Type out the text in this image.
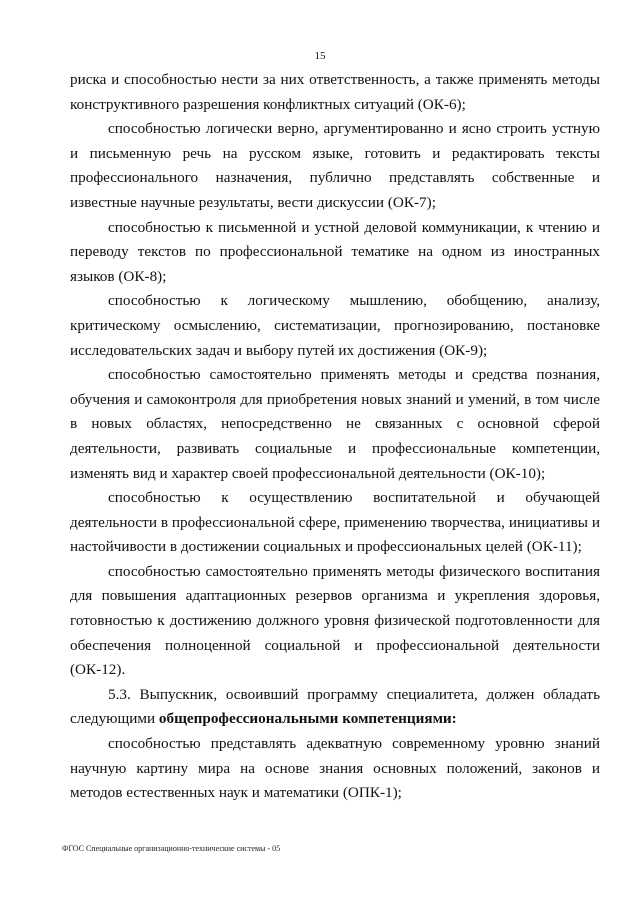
15

риска и способностью нести за них ответственность, а также применять методы конструктивного разрешения конфликтных ситуаций (ОК-6);

способностью логически верно, аргументированно и ясно строить устную и письменную речь на русском языке, готовить и редактировать тексты профессионального назначения, публично представлять собственные и известные научные результаты, вести дискуссии (ОК-7);

способностью к письменной и устной деловой коммуникации, к чтению и переводу текстов по профессиональной тематике на одном из иностранных языков (ОК-8);

способностью к логическому мышлению, обобщению, анализу, критическому осмыслению, систематизации, прогнозированию, постановке исследовательских задач и выбору путей их достижения (ОК-9);

способностью самостоятельно применять методы и средства познания, обучения и самоконтроля для приобретения новых знаний и умений, в том числе в новых областях, непосредственно не связанных с основной сферой деятельности, развивать социальные и профессиональные компетенции, изменять вид и характер своей профессиональной деятельности (ОК-10);

способностью к осуществлению воспитательной и обучающей деятельности в профессиональной сфере, применению творчества, инициативы и настойчивости в достижении социальных и профессиональных целей (ОК-11);

способностью самостоятельно применять методы физического воспитания для повышения адаптационных резервов организма и укрепления здоровья, готовностью к достижению должного уровня физической подготовленности для обеспечения полноценной социальной и профессиональной деятельности (ОК-12).

5.3. Выпускник, освоивший программу специалитета, должен обладать следующими общепрофессиональными компетенциями:

способностью представлять адекватную современному уровню знаний научную картину мира на основе знания основных положений, законов и методов естественных наук и математики (ОПК-1);

ФГОС Специальные организационно-технические системы - 05
